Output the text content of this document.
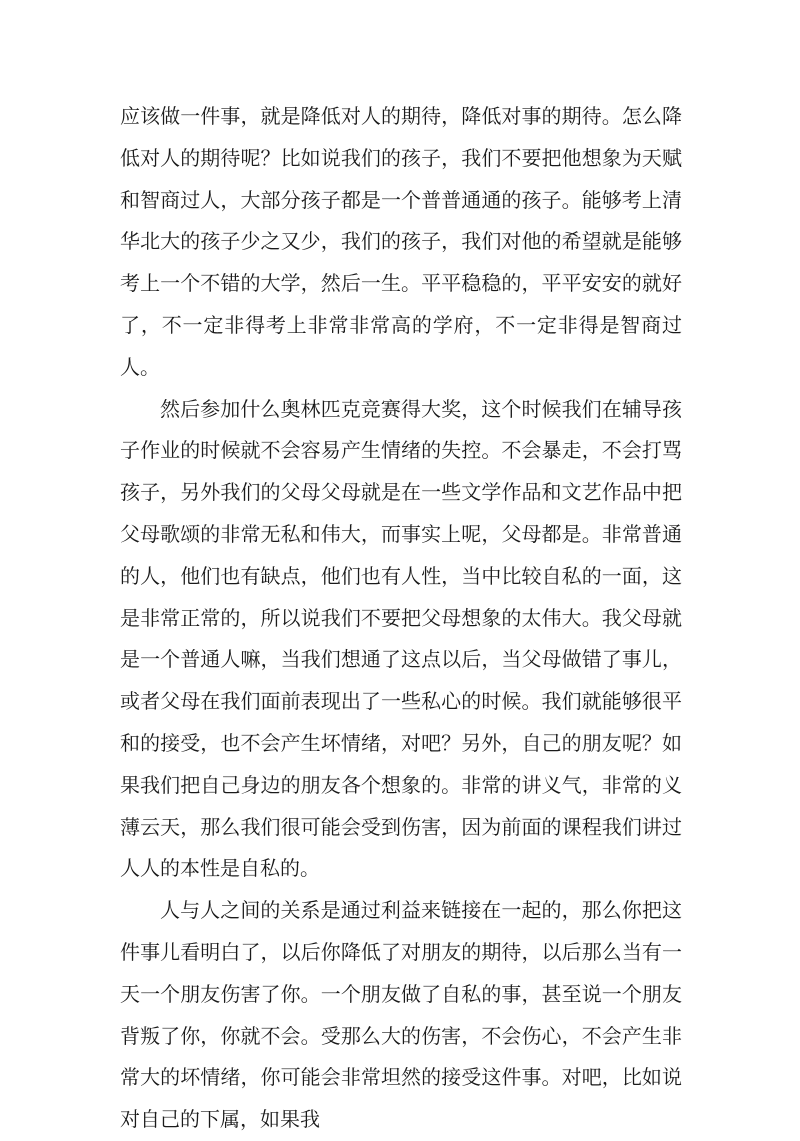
应该做一件事，就是降低对人的期待，降低对事的期待。怎么降低对人的期待呢？比如说我们的孩子，我们不要把他想象为天赋和智商过人，大部分孩子都是一个普普通通的孩子。能够考上清华北大的孩子少之又少，我们的孩子，我们对他的希望就是能够考上一个不错的大学，然后一生。平平稳稳的，平平安安的就好了，不一定非得考上非常非常高的学府，不一定非得是智商过人。

然后参加什么奥林匹克竞赛得大奖，这个时候我们在辅导孩子作业的时候就不会容易产生情绪的失控。不会暴走，不会打骂孩子，另外我们的父母父母就是在一些文学作品和文艺作品中把父母歌颂的非常无私和伟大，而事实上呢，父母都是。非常普通的人，他们也有缺点，他们也有人性，当中比较自私的一面，这是非常正常的，所以说我们不要把父母想象的太伟大。我父母就是一个普通人嘛，当我们想通了这点以后，当父母做错了事儿，或者父母在我们面前表现出了一些私心的时候。我们就能够很平和的接受，也不会产生坏情绪，对吧？另外，自己的朋友呢？如果我们把自己身边的朋友各个想象的。非常的讲义气，非常的义薄云天，那么我们很可能会受到伤害，因为前面的课程我们讲过人人的本性是自私的。

人与人之间的关系是通过利益来链接在一起的，那么你把这件事儿看明白了，以后你降低了对朋友的期待，以后那么当有一天一个朋友伤害了你。一个朋友做了自私的事，甚至说一个朋友背叛了你，你就不会。受那么大的伤害，不会伤心，不会产生非常大的坏情绪，你可能会非常坦然的接受这件事。对吧，比如说对自己的下属，如果我
